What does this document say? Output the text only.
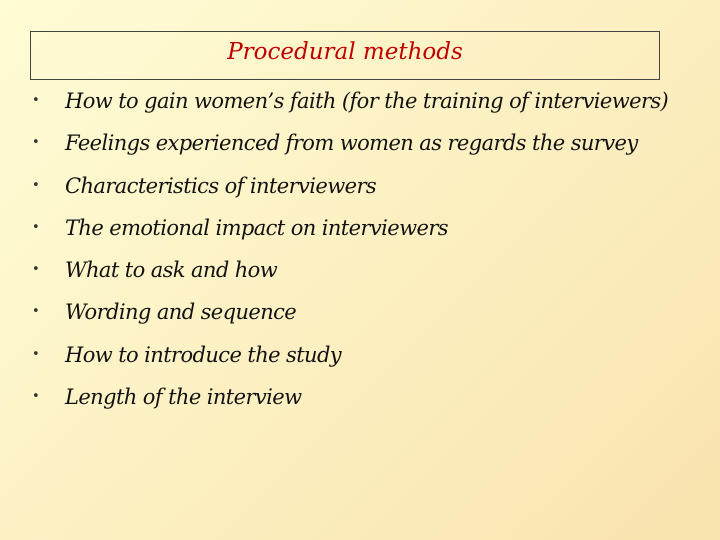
Procedural methods
• How to gain women’s faith (for the training of interviewers)
• Feelings experienced from women as regards the survey
• Characteristics of interviewers
• The emotional impact on interviewers
• What to ask and how
• Wording and sequence
• How to introduce the study
• Length of the interview
